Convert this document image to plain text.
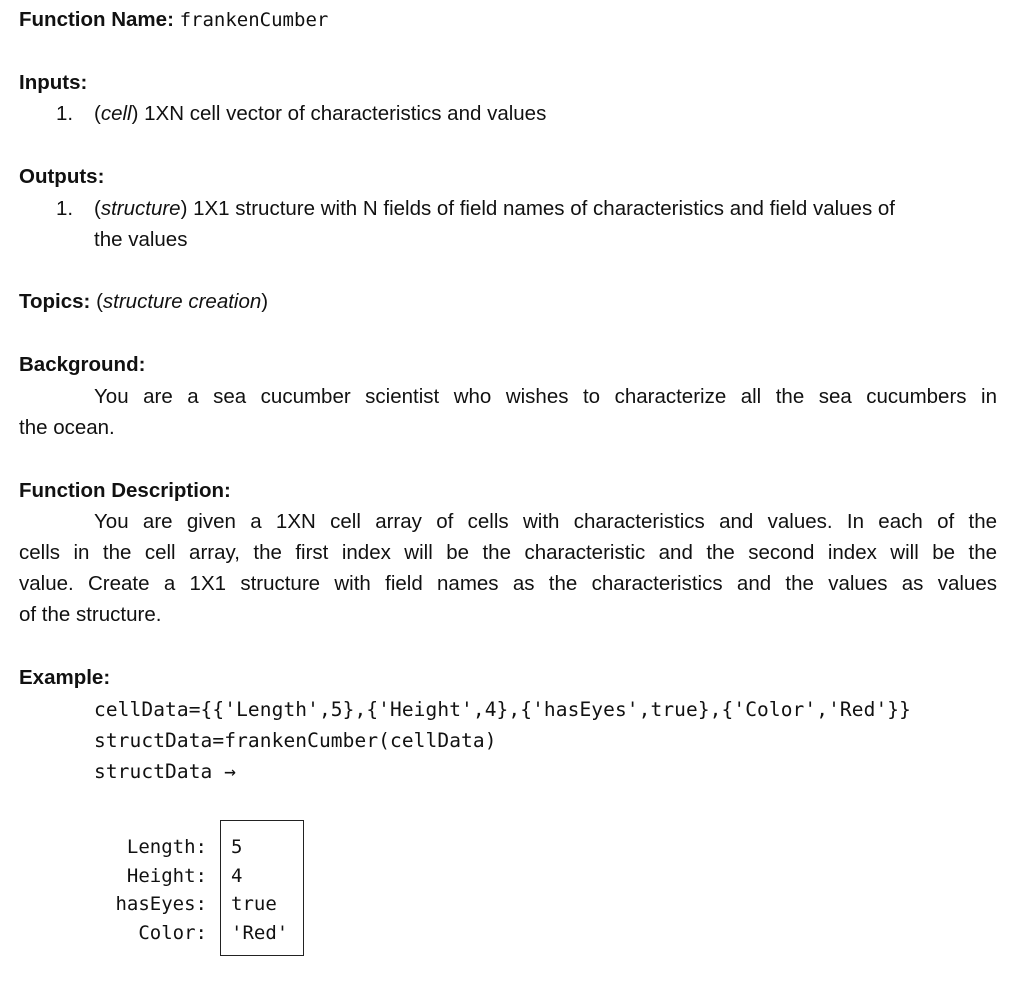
Function Name: frankenCumber
Inputs:
1. (cell) 1XN cell vector of characteristics and values
Outputs:
1. (structure) 1X1 structure with N fields of field names of characteristics and field values of
the values
Topics: (structure creation)
Background:
You are a sea cucumber scientist who wishes to characterize all the sea cucumbers in
the ocean.
Function Description:
You are given a 1XN cell array of cells with characteristics and values. In each of the
cells in the cell array, the first index will be the characteristic and the second index will be the
value. Create a 1X1 structure with field names as the characteristics and the values as values
of the structure.
Example:
cellData={{'Length',5},{'Height',4},{'hasEyes',true},{'Color','Red'}}
structData=frankenCumber(cellData)
structData →
Length:
Height:
hasEyes:
Color:
5
4
true
'Red'
